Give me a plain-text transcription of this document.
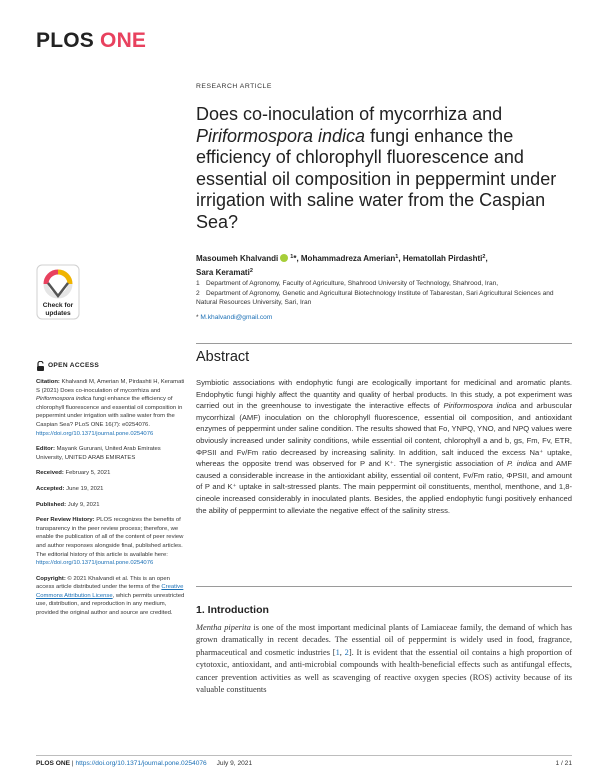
PLOS ONE
Check for
updates
RESEARCH ARTICLE
Does co-inoculation of mycorrhiza and Piriformospora indica fungi enhance the efficiency of chlorophyll fluorescence and essential oil composition in peppermint under irrigation with saline water from the Caspian Sea?
Masoumeh Khalvandi $^1$*, Mohammadreza Amerian$^1$, Hematollah Pirdashti$^2$,
Sara Keramati$^2$
1 Department of Agronomy, Faculty of Agriculture, Shahrood University of Technology, Shahrood, Iran,
2 Department of Agronomy, Genetic and Agricultural Biotechnology Institute of Tabarestan, Sari Agricultural Sciences and Natural Resources University, Sari, Iran
* M.khalvandi@gmail.com
OPEN ACCESS
Citation: Khalvandi M, Amerian M, Pirdashti H, Keramati S (2021) Does co-inoculation of mycorrhiza and Piriformospora indica fungi enhance the efficiency of chlorophyll fluorescence and essential oil composition in peppermint under irrigation with saline water from the Caspian Sea? PLoS ONE 16(7): e0254076. https://doi.org/10.1371/journal.pone.0254076
Editor: Mayank Gururani, United Arab Emirates University, UNITED ARAB EMIRATES
Received: February 5, 2021
Accepted: June 19, 2021
Published: July 9, 2021
Peer Review History: PLOS recognizes the benefits of transparency in the peer review process; therefore, we enable the publication of all of the content of peer review and author responses alongside final, published articles. The editorial history of this article is available here: https://doi.org/10.1371/journal.pone.0254076
Copyright: © 2021 Khalvandi et al. This is an open access article distributed under the terms of the Creative Commons Attribution License, which permits unrestricted use, distribution, and reproduction in any medium, provided the original author and source are credited.
Abstract
Symbiotic associations with endophytic fungi are ecologically important for medicinal and aromatic plants. Endophytic fungi highly affect the quantity and quality of herbal products. In this study, a pot experiment was carried out in the greenhouse to investigate the interactive effects of Piriformospora indica and arbuscular mycorrhizal (AMF) inoculation on the chlorophyll fluorescence, essential oil composition, and antioxidant enzymes of peppermint under saline condition. The results showed that Fo, YNPQ, YNO, and NPQ values were obviously increased under salinity conditions, while essential oil content, chlorophyll a and b, gs, Fm, Fv, ETR, ΦPSII and Fv/Fm ratio decreased by increasing salinity. In addition, salt induced the excess Na⁺ uptake, whereas the opposite trend was observed for P and K⁺. The synergistic association of P. indica and AMF caused a considerable increase in the antioxidant ability, essential oil content, Fv/Fm ratio, ΦPSII, and amount of P and K⁺ uptake in salt-stressed plants. The main peppermint oil constituents, menthol, menthone, and 1,8-cineole increased considerably in inoculated plants. Besides, the applied endophytic fungi positively enhanced the ability of peppermint to alleviate the negative effect of the salinity stress.
1. Introduction
Mentha piperita is one of the most important medicinal plants of Lamiaceae family, the demand of which has grown dramatically in recent decades. The essential oil of peppermint is widely used in food, fragrance, pharmaceutical and cosmetic industries [1, 2]. It is evident that the essential oil contains a high proportion of cytotoxic, antioxidant, and anti-microbial compounds with health-beneficial effects such as antifungal effects, cancer prevention activities as well as scavenging of reactive oxygen species (ROS) activity because of its valuable constituents
PLOS ONE | https://doi.org/10.1371/journal.pone.0254076 July 9, 2021	1 / 21
